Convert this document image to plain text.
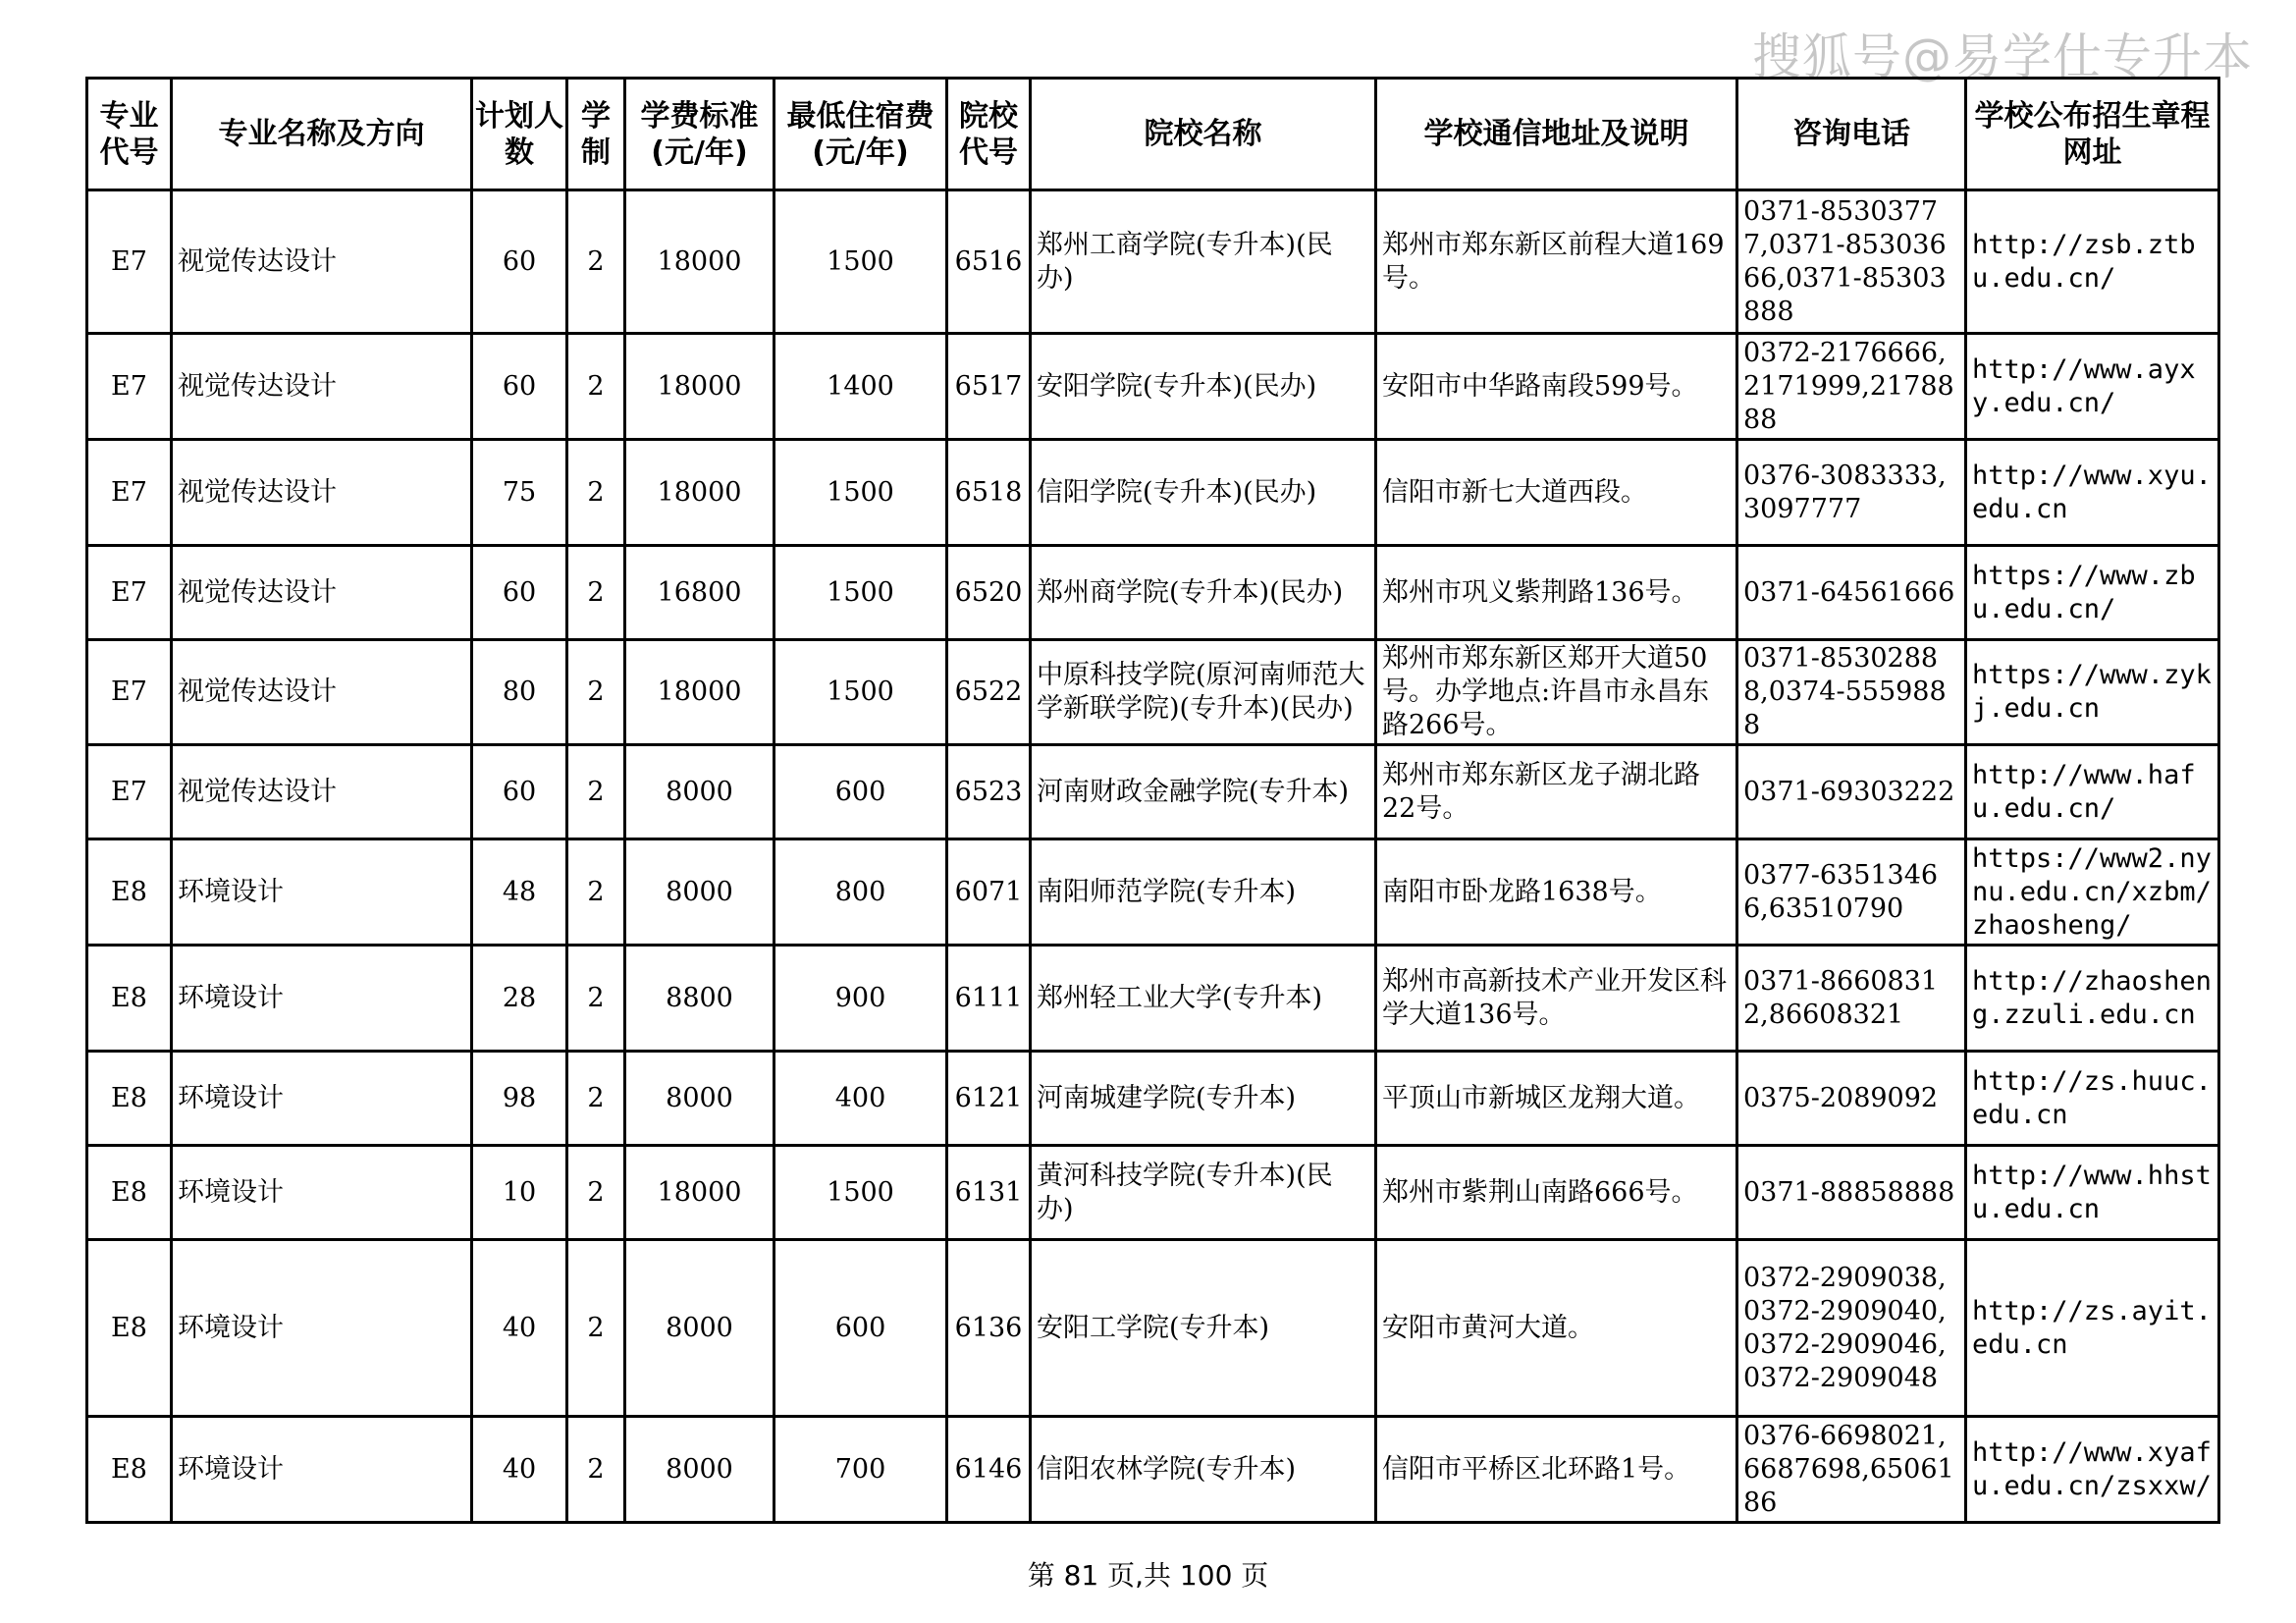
搜狐号@易学仕专升本
专业代号	专业名称及方向	计划人数	学制	学费标准(元/年)	最低住宿费(元/年)	院校代号	院校名称	学校通信地址及说明	咨询电话	学校公布招生章程网址
E7	视觉传达设计	60	2	18000	1500	6516	郑州工商学院(专升本)(民办)	郑州市郑东新区前程大道169号。	0371-85303777,0371-85303666,0371-85303888	http://zsb.ztbu.edu.cn/
E7	视觉传达设计	60	2	18000	1400	6517	安阳学院(专升本)(民办)	安阳市中华路南段599号。	0372-2176666,2171999,2178888	http://www.ayxy.edu.cn/
E7	视觉传达设计	75	2	18000	1500	6518	信阳学院(专升本)(民办)	信阳市新七大道西段。	0376-3083333,3097777	http://www.xyu.edu.cn
E7	视觉传达设计	60	2	16800	1500	6520	郑州商学院(专升本)(民办)	郑州市巩义紫荆路136号。	0371-64561666	https://www.zbu.edu.cn/
E7	视觉传达设计	80	2	18000	1500	6522	中原科技学院(原河南师范大学新联学院)(专升本)(民办)	郑州市郑东新区郑开大道50号。办学地点:许昌市永昌东路266号。	0371-85302888,0374-5559888	https://www.zykj.edu.cn
E7	视觉传达设计	60	2	8000	600	6523	河南财政金融学院(专升本)	郑州市郑东新区龙子湖北路22号。	0371-69303222	http://www.hafu.edu.cn/
E8	环境设计	48	2	8000	800	6071	南阳师范学院(专升本)	南阳市卧龙路1638号。	0377-63513466,63510790	https://www2.nynu.edu.cn/xzbm/zhaosheng/
E8	环境设计	28	2	8800	900	6111	郑州轻工业大学(专升本)	郑州市高新技术产业开发区科学大道136号。	0371-86608312,86608321	http://zhaosheng.zzuli.edu.cn
E8	环境设计	98	2	8000	400	6121	河南城建学院(专升本)	平顶山市新城区龙翔大道。	0375-2089092	http://zs.huuc.edu.cn
E8	环境设计	10	2	18000	1500	6131	黄河科技学院(专升本)(民办)	郑州市紫荆山南路666号。	0371-88858888	http://www.hhstu.edu.cn
E8	环境设计	40	2	8000	600	6136	安阳工学院(专升本)	安阳市黄河大道。	0372-2909038,0372-2909040,0372-2909046,0372-2909048	http://zs.ayit.edu.cn
E8	环境设计	40	2	8000	700	6146	信阳农林学院(专升本)	信阳市平桥区北环路1号。	0376-6698021,6687698,6506186	http://www.xyafu.edu.cn/zsxxw/
第 81 页,共 100 页
